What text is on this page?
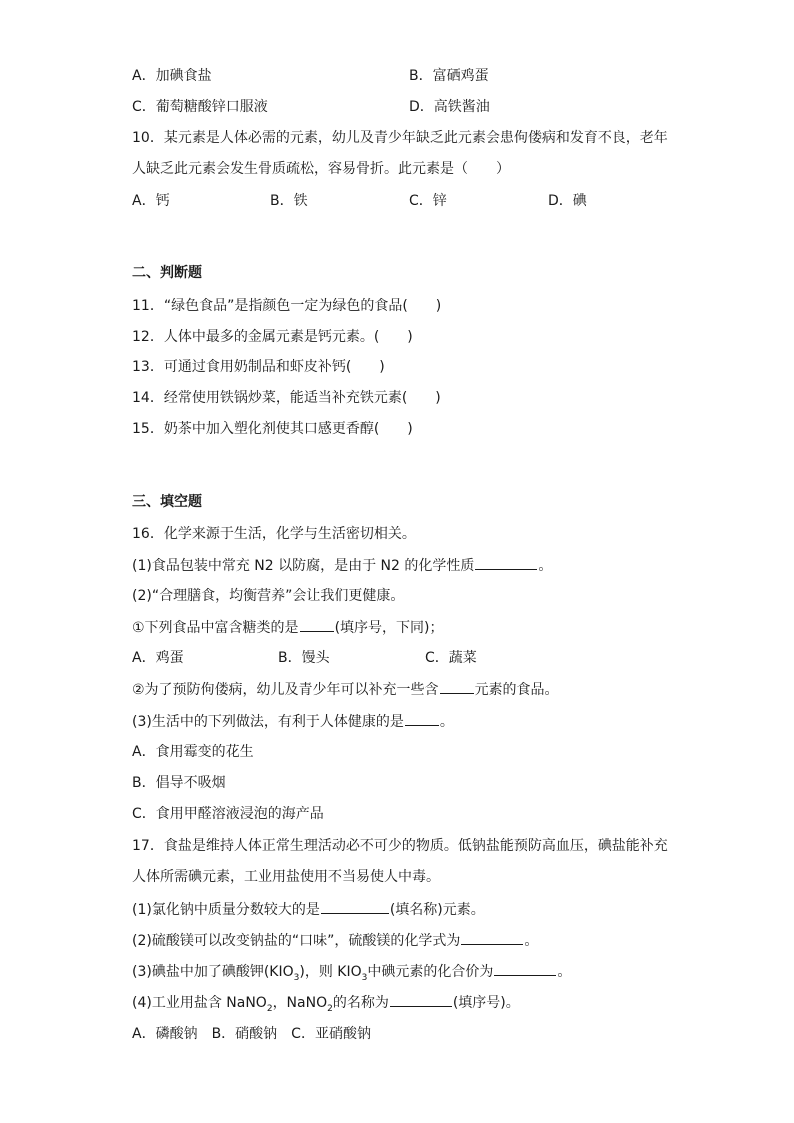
A．加碘食盐	B．富硒鸡蛋
C．葡萄糖酸锌口服液	D．高铁酱油
10．某元素是人体必需的元素，幼儿及青少年缺乏此元素会患佝偻病和发育不良，老年
人缺乏此元素会发生骨质疏松，容易骨折。此元素是（　　）
A．钙	B．铁	C．锌	D．碘
二、判断题
11．“绿色食品”是指颜色一定为绿色的食品(　　)
12．人体中最多的金属元素是钙元素。(　　)
13．可通过食用奶制品和虾皮补钙(　　)
14．经常使用铁锅炒菜，能适当补充铁元素(　　)
15．奶茶中加入塑化剂使其口感更香醇(　　)
三、填空题
16．化学来源于生活，化学与生活密切相关。
(1)食品包装中常充 N2 以防腐，是由于 N2 的化学性质	。
(2)“合理膳食，均衡营养”会让我们更健康。
①下列食品中富含糖类的是	(填序号，下同)；
A．鸡蛋	B．馒头	C．蔬菜
②为了预防佝偻病，幼儿及青少年可以补充一些含	元素的食品。
(3)生活中的下列做法，有利于人体健康的是	。
A．食用霉变的花生
B．倡导不吸烟
C．食用甲醛溶液浸泡的海产品
17．食盐是维持人体正常生理活动必不可少的物质。低钠盐能预防高血压，碘盐能补充
人体所需碘元素，工业用盐使用不当易使人中毒。
(1)氯化钠中质量分数较大的是	(填名称)元素。
(2)硫酸镁可以改变钠盐的“口味”，硫酸镁的化学式为	。
(3)碘盐中加了碘酸钾$(KIO_3)$，则 $KIO_3$中碘元素的化合价为	。
(4)工业用盐含 NaNO$_2$，NaNO$_2$的名称为	(填序号)。
A．磷酸钠　B．硝酸钠　C．亚硝酸钠
